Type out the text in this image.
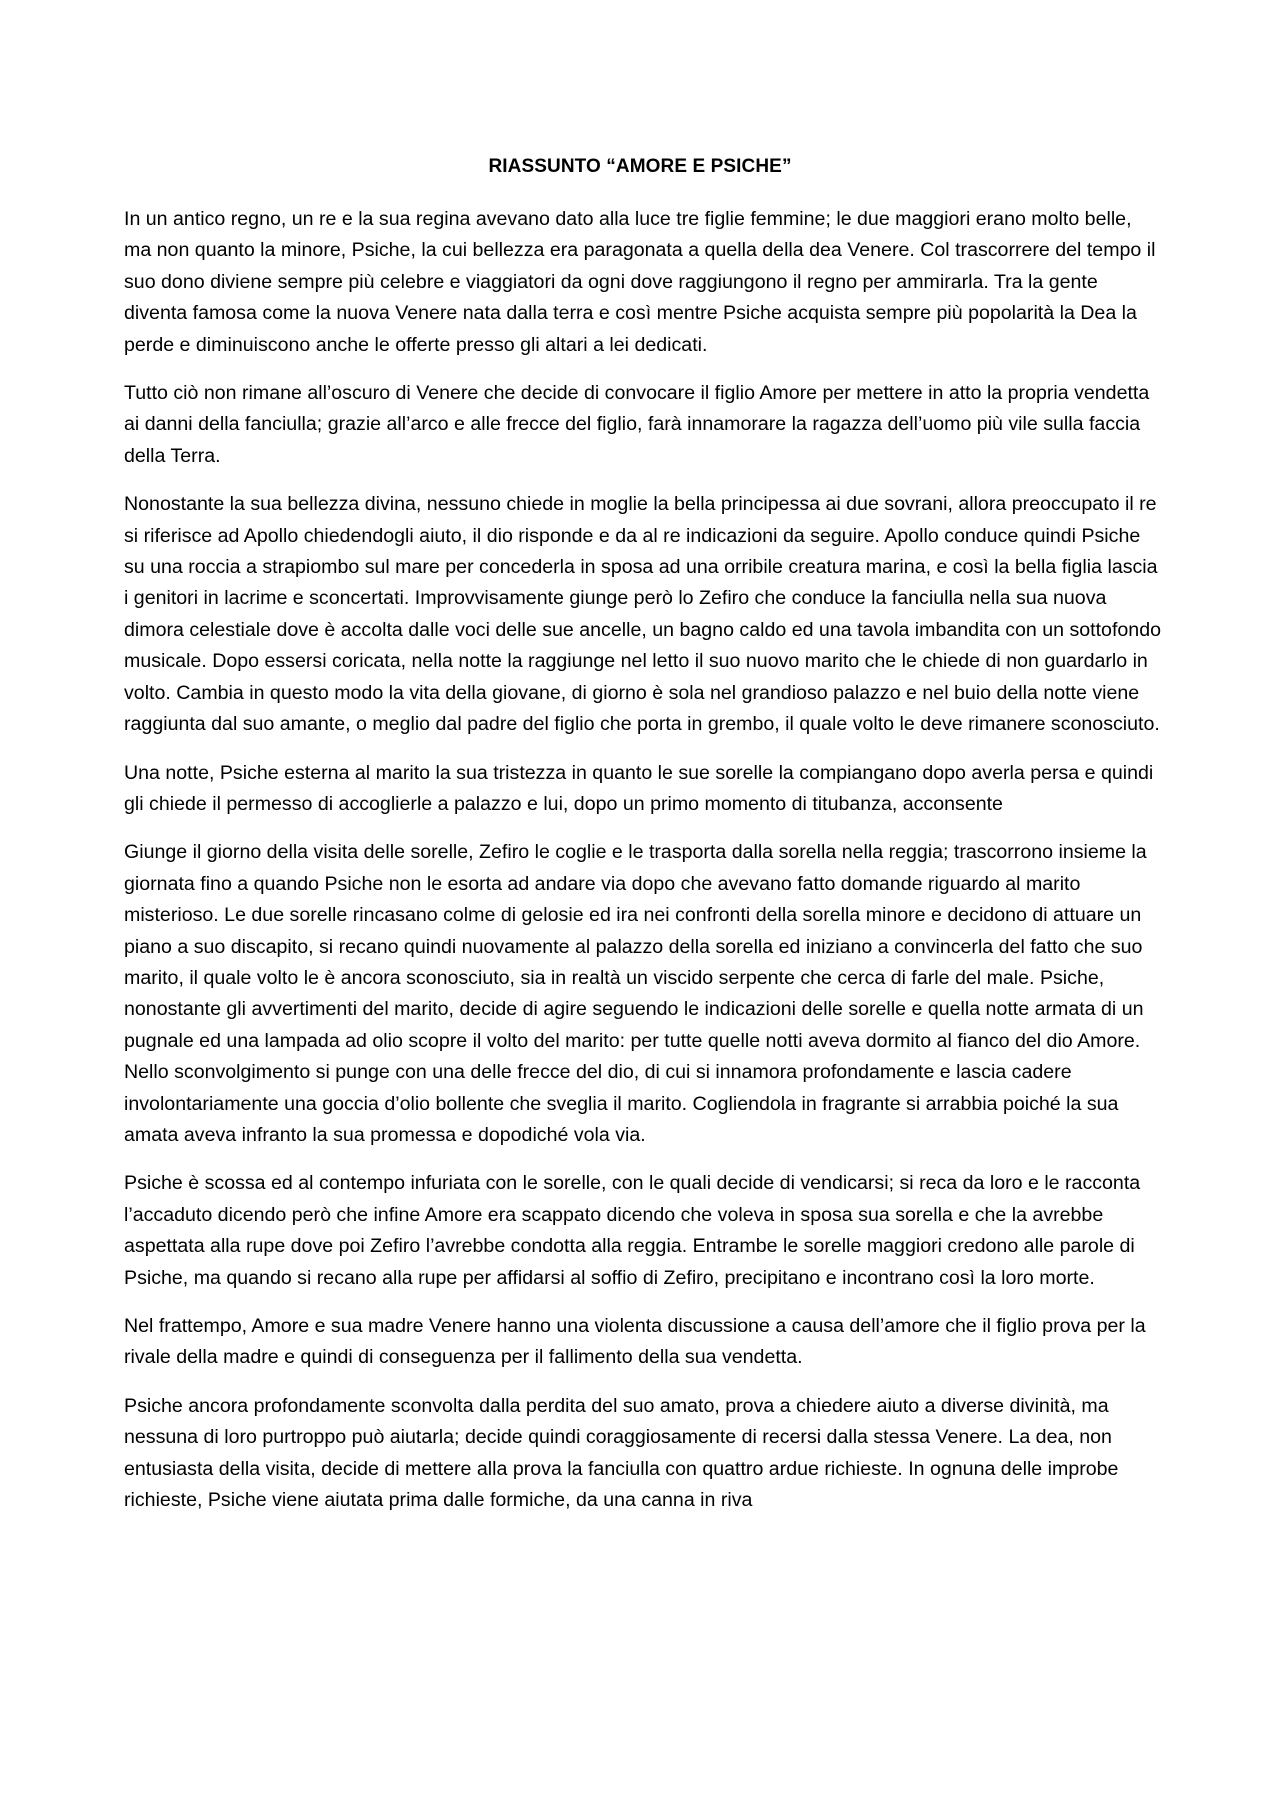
RIASSUNTO “AMORE E PSICHE”

In un antico regno, un re e la sua regina avevano dato alla luce tre figlie femmine; le due maggiori erano molto belle, ma non quanto la minore, Psiche, la cui bellezza era paragonata a quella della dea Venere. Col trascorrere del tempo il suo dono diviene sempre più celebre e viaggiatori da ogni dove raggiungono il regno per ammirarla. Tra la gente diventa famosa come la nuova Venere nata dalla terra e così mentre Psiche acquista sempre più popolarità la Dea la perde e diminuiscono anche le offerte presso gli altari a lei dedicati.

Tutto ciò non rimane all’oscuro di Venere che decide di convocare il figlio Amore per mettere in atto la propria vendetta ai danni della fanciulla; grazie all’arco e alle frecce del figlio, farà innamorare la ragazza dell’uomo più vile sulla faccia della Terra.

Nonostante la sua bellezza divina, nessuno chiede in moglie la bella principessa ai due sovrani, allora preoccupato il re si riferisce ad Apollo chiedendogli aiuto, il dio risponde e da al re indicazioni da seguire. Apollo conduce quindi Psiche su una roccia a strapiombo sul mare per concederla in sposa ad una orribile creatura marina, e così la bella figlia lascia i genitori in lacrime e sconcertati. Improvvisamente giunge però lo Zefiro che conduce la fanciulla nella sua nuova dimora celestiale dove è accolta dalle voci delle sue ancelle, un bagno caldo ed una tavola imbandita con un sottofondo musicale. Dopo essersi coricata, nella notte la raggiunge nel letto il suo nuovo marito che le chiede di non guardarlo in volto. Cambia in questo modo la vita della giovane, di giorno è sola nel grandioso palazzo e nel buio della notte viene raggiunta dal suo amante, o meglio dal padre del figlio che porta in grembo, il quale volto le deve rimanere sconosciuto.

Una notte, Psiche esterna al marito la sua tristezza in quanto le sue sorelle la compiangano dopo averla persa e quindi gli chiede il permesso di accoglierle a palazzo e lui, dopo un primo momento di titubanza, acconsente

Giunge il giorno della visita delle sorelle, Zefiro le coglie e le trasporta dalla sorella nella reggia; trascorrono insieme la giornata fino a quando Psiche non le esorta ad andare via dopo che avevano fatto domande riguardo al marito misterioso. Le due sorelle rincasano colme di gelosie ed ira nei confronti della sorella minore e decidono di attuare un piano a suo discapito, si recano quindi nuovamente al palazzo della sorella ed iniziano a convincerla del fatto che suo marito, il quale volto le è ancora sconosciuto, sia in realtà un viscido serpente che cerca di farle del male. Psiche, nonostante gli avvertimenti del marito, decide di agire seguendo le indicazioni delle sorelle e quella notte armata di un pugnale ed una lampada ad olio scopre il volto del marito: per tutte quelle notti aveva dormito al fianco del dio Amore. Nello sconvolgimento si punge con una delle frecce del dio, di cui si innamora profondamente e lascia cadere involontariamente una goccia d’olio bollente che sveglia il marito. Cogliendola in fragrante si arrabbia poiché la sua amata aveva infranto la sua promessa e dopodiché vola via.

Psiche è scossa ed al contempo infuriata con le sorelle, con le quali decide di vendicarsi; si reca da loro e le racconta l’accaduto dicendo però che infine Amore era scappato dicendo che voleva in sposa sua sorella e che la avrebbe aspettata alla rupe dove poi Zefiro l’avrebbe condotta alla reggia. Entrambe le sorelle maggiori credono alle parole di Psiche, ma quando si recano alla rupe per affidarsi al soffio di Zefiro, precipitano e incontrano così la loro morte.

Nel frattempo, Amore e sua madre Venere hanno una violenta discussione a causa dell’amore che il figlio prova per la rivale della madre e quindi di conseguenza per il fallimento della sua vendetta.

Psiche ancora profondamente sconvolta dalla perdita del suo amato, prova a chiedere aiuto a diverse divinità, ma nessuna di loro purtroppo può aiutarla; decide quindi coraggiosamente di recersi dalla stessa Venere. La dea, non entusiasta della visita, decide di mettere alla prova la fanciulla con quattro ardue richieste. In ognuna delle improbe richieste, Psiche viene aiutata prima dalle formiche, da una canna in riva
